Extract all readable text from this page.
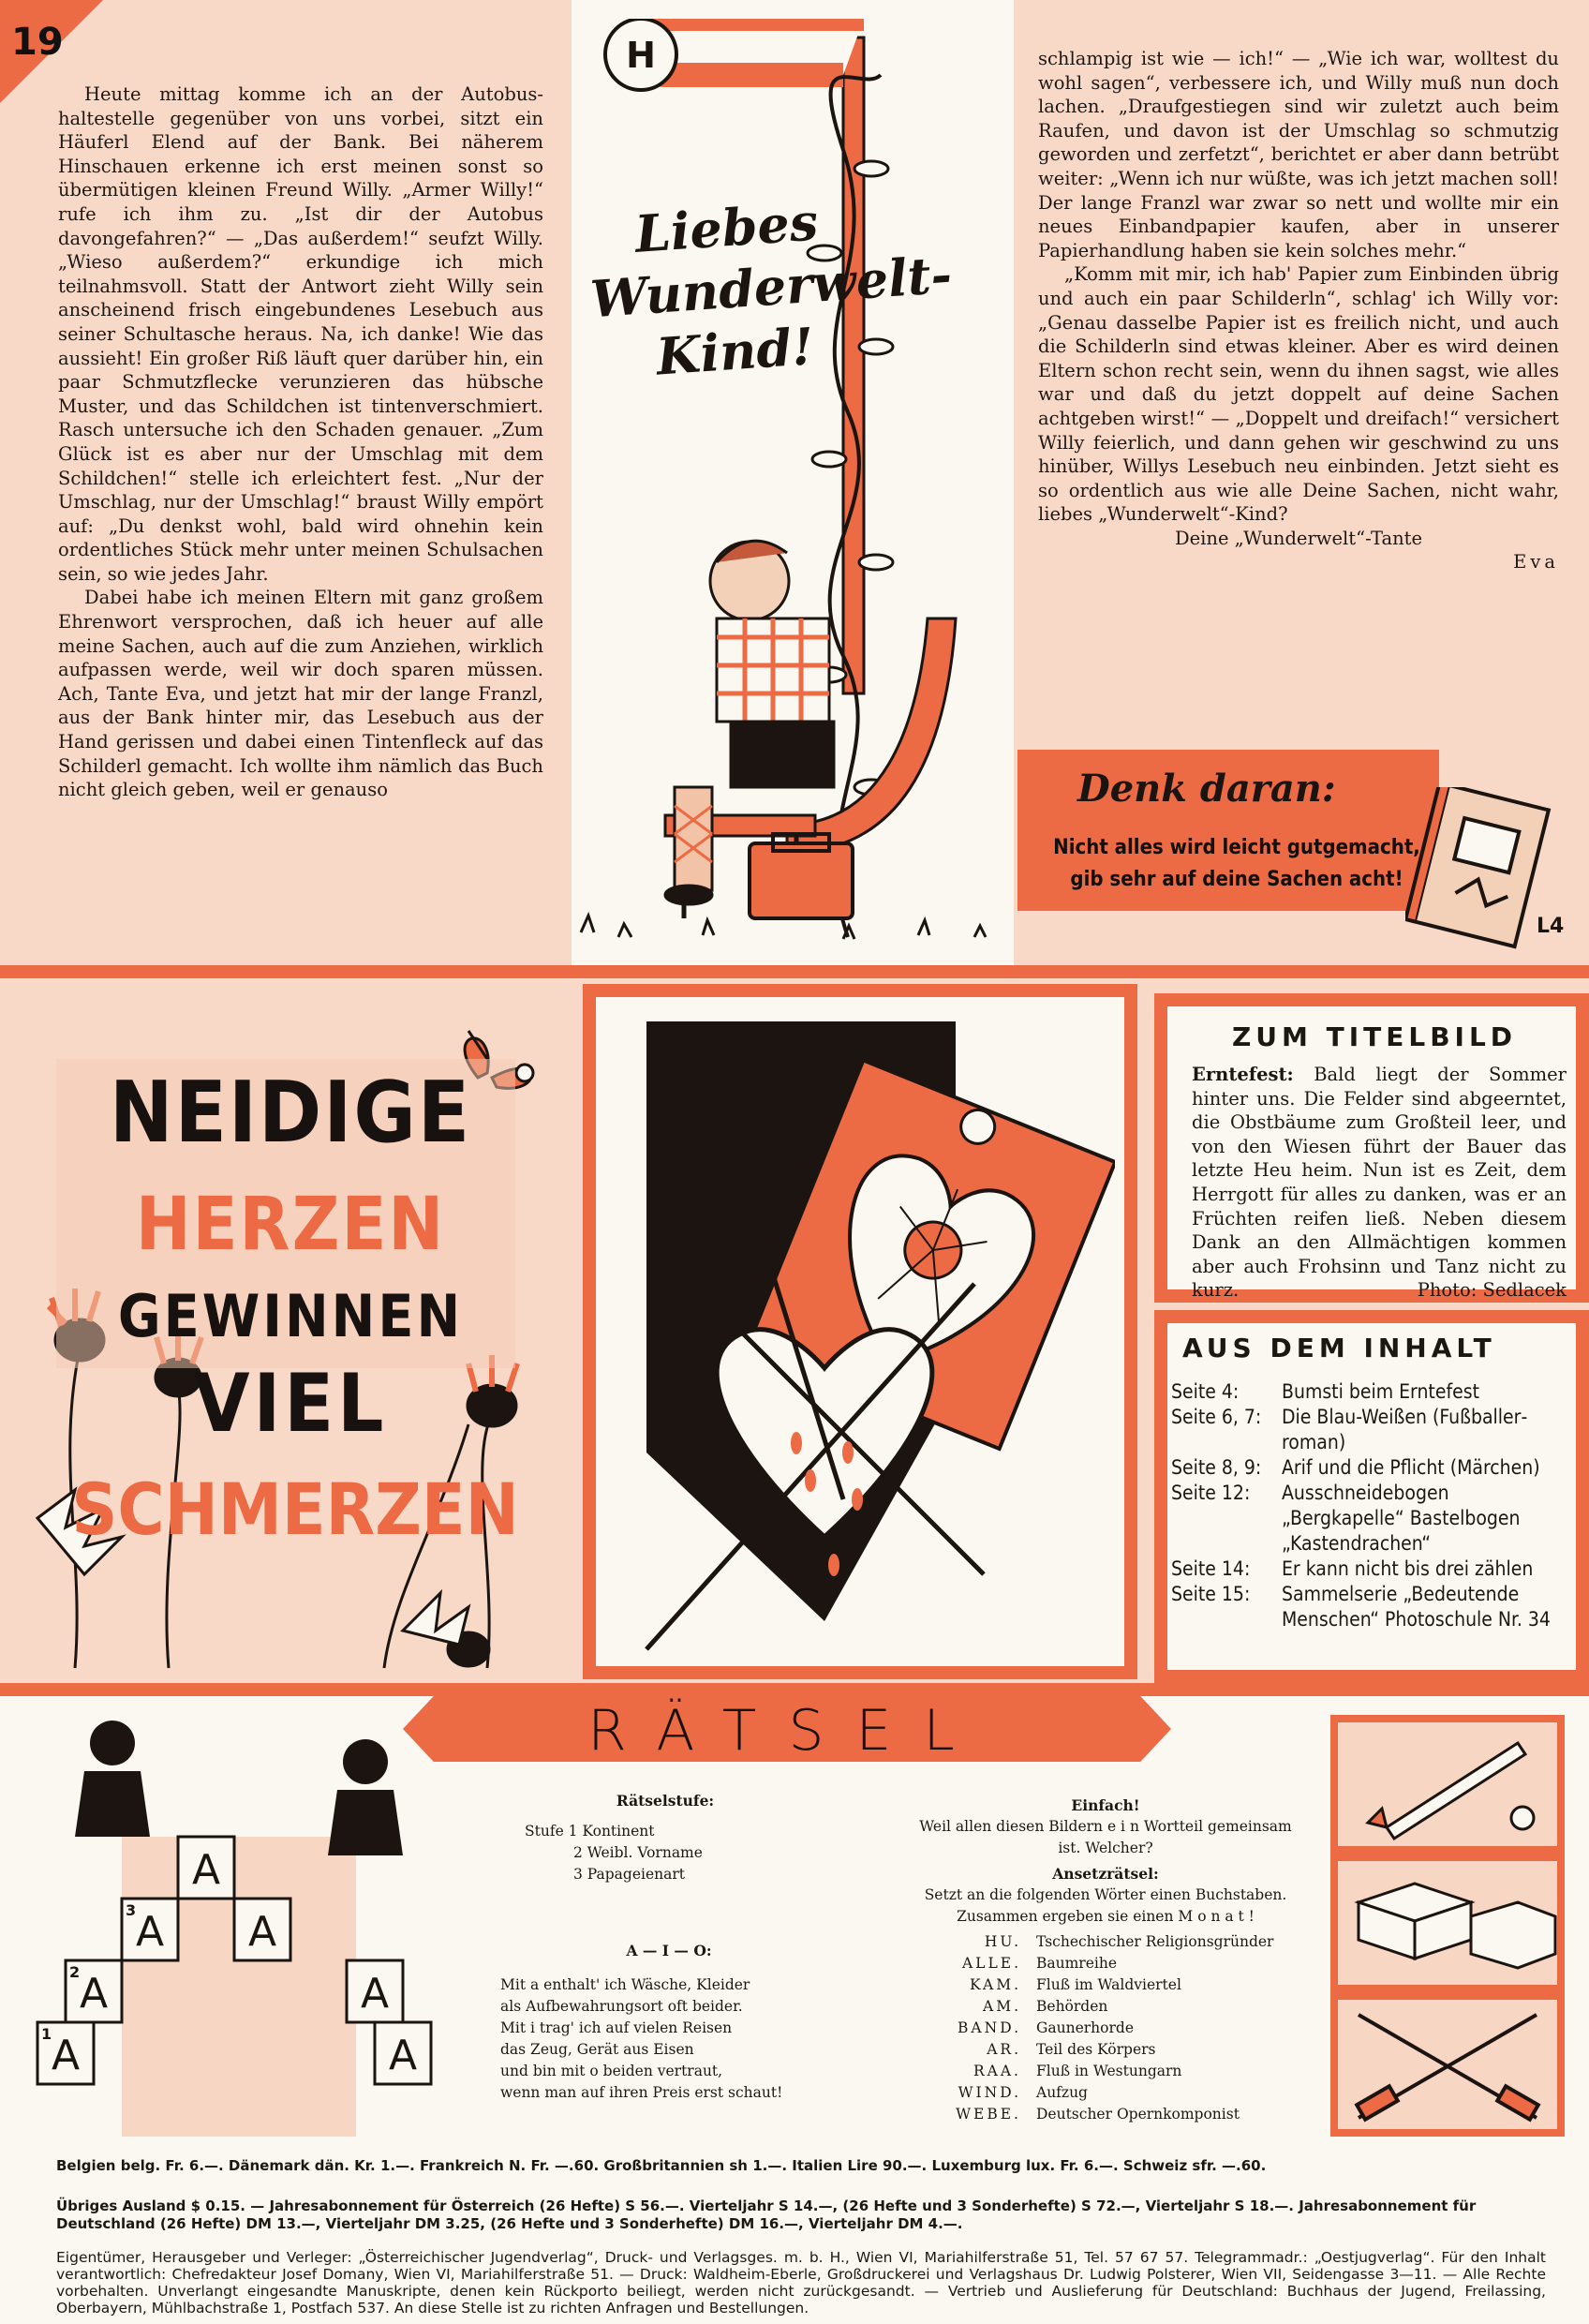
19

Heute mittag komme ich an der Autobushaltestelle gegenüber von uns vorbei, sitzt ein Häuferl Elend auf der Bank. Bei näherem Hinschauen erkenne ich erst meinen sonst so übermütigen kleinen Freund Willy. „Armer Willy!“ rufe ich ihm zu. „Ist dir der Autobus davongefahren?“ — „Das außerdem!“ seufzt Willy. „Wieso außerdem?“ erkundige ich mich teilnahmsvoll. Statt der Antwort zieht Willy sein anscheinend frisch eingebundenes Lesebuch aus seiner Schultasche heraus. Na, ich danke! Wie das aussieht! Ein großer Riß läuft quer darüber hin, ein paar Schmutzflecke verunzieren das hübsche Muster, und das Schildchen ist tintenverschmiert. Rasch untersuche ich den Schaden genauer. „Zum Glück ist es aber nur der Umschlag mit dem Schildchen!“ stelle ich erleichtert fest. „Nur der Umschlag, nur der Umschlag!“ braust Willy empört auf: „Du denkst wohl, bald wird ohnehin kein ordentliches Stück mehr unter meinen Schulsachen sein, so wie jedes Jahr.

Dabei habe ich meinen Eltern mit ganz großem Ehrenwort versprochen, daß ich heuer auf alle meine Sachen, auch auf die zum Anziehen, wirklich aufpassen werde, weil wir doch sparen müssen. Ach, Tante Eva, und jetzt hat mir der lange Franzl, aus der Bank hinter mir, das Lesebuch aus der Hand gerissen und dabei einen Tintenfleck auf das Schilderl gemacht. Ich wollte ihm nämlich das Buch nicht gleich geben, weil er genauso

schlampig ist wie — ich!“ — „Wie ich war, wolltest du wohl sagen“, verbessere ich, und Willy muß nun doch lachen. „Draufgestiegen sind wir zuletzt auch beim Raufen, und davon ist der Umschlag so schmutzig geworden und zerfetzt“, berichtet er aber dann betrübt weiter: „Wenn ich nur wüßte, was ich jetzt machen soll! Der lange Franzl war zwar so nett und wollte mir ein neues Einbandpapier kaufen, aber in unserer Papierhandlung haben sie kein solches mehr.“

„Komm mit mir, ich hab' Papier zum Einbinden übrig und auch ein paar Schilderln“, schlag' ich Willy vor: „Genau dasselbe Papier ist es freilich nicht, und auch die Schilderln sind etwas kleiner. Aber es wird deinen Eltern schon recht sein, wenn du ihnen sagst, wie alles war und daß du jetzt doppelt auf deine Sachen achtgeben wirst!“ — „Doppelt und dreifach!“ versichert Willy feierlich, und dann gehen wir geschwind zu uns hinüber, Willys Lesebuch neu einbinden. Jetzt sieht es so ordentlich aus wie alle Deine Sachen, nicht wahr, liebes „Wunderwelt“-Kind?

Deine „Wunderwelt“-Tante

Eva

H
Liebes
Wunderwelt-
Kind!
Denk daran:
Nicht alles wird leicht gutgemacht,
gib sehr auf deine Sachen acht!
L4
NEIDIGE
HERZEN
GEWINNEN
VIEL
SCHMERZEN
ZUM TITELBILD
Erntefest: Bald liegt der Sommer hinter uns. Die Felder sind abgeerntet, die Obstbäume zum Großteil leer, und von den Wiesen führt der Bauer das letzte Heu heim. Nun ist es Zeit, dem Herrgott für alles zu danken, was er an Früchten reifen ließ. Neben diesem Dank an den Allmächtigen kommen aber auch Frohsinn und Tanz nicht zu kurz.	Photo: Sedlacek
AUS DEM INHALT
Seite 4:	Bumsti beim Erntefest
Seite 6, 7:	Die Blau-Weißen (Fußballerroman)
Seite 8, 9:	Arif und die Pflicht (Märchen)
Seite 12:	Ausschneidebogen „Bergkapelle“ Bastelbogen „Kastendrachen“
Seite 14:	Er kann nicht bis drei zählen
Seite 15:	Sammelserie „Bedeutende Menschen“ Photoschule Nr. 34
RÄTSEL
A
A A
A	A
A	A
1
2
3
Rätselstufe:
Stufe 1 Kontinent
2 Weibl. Vorname
3 Papageienart
A — I — O:
Mit a enthalt' ich Wäsche, Kleider
als Aufbewahrungsort oft beider.
Mit i trag' ich auf vielen Reisen
das Zeug, Gerät aus Eisen
und bin mit o beiden vertraut,
wenn man auf ihren Preis erst schaut!
Einfach!
Weil allen diesen Bildern e i n Wortteil gemeinsam ist. Welcher?
Ansetzrätsel:
Setzt an die folgenden Wörter einen Buchstaben. Zusammen ergeben sie einen M o n a t !
HU.	Tschechischer Religionsgründer
ALLE.	Baumreihe
KAM.	Fluß im Waldviertel
AM.	Behörden
BAND.	Gaunerhorde
AR.	Teil des Körpers
RAA.	Fluß in Westungarn
WIND.	Aufzug
WEBE.	Deutscher Opernkomponist
Belgien belg. Fr. 6.—. Dänemark dän. Kr. 1.—. Frankreich N. Fr. —.60. Großbritannien sh 1.—. Italien Lire 90.—. Luxemburg lux. Fr. 6.—. Schweiz sfr. —.60.
Übriges Ausland $ 0.15. — Jahresabonnement für Österreich (26 Hefte) S 56.—. Vierteljahr S 14.—, (26 Hefte und 3 Sonderhefte) S 72.—, Vierteljahr S 18.—. Jahresabonnement für Deutschland (26 Hefte) DM 13.—, Vierteljahr DM 3.25, (26 Hefte und 3 Sonderhefte) DM 16.—, Vierteljahr DM 4.—.
Eigentümer, Herausgeber und Verleger: „Österreichischer Jugendverlag“, Druck- und Verlagsges. m. b. H., Wien VI, Mariahilferstraße 51, Tel. 57 67 57. Telegrammadr.: „Oestjugverlag“. Für den Inhalt verantwortlich: Chefredakteur Josef Domany, Wien VI, Mariahilferstraße 51. — Druck: Waldheim-Eberle, Großdruckerei und Verlagshaus Dr. Ludwig Polsterer, Wien VII, Seidengasse 3—11. — Alle Rechte vorbehalten. Unverlangt eingesandte Manuskripte, denen kein Rückporto beiliegt, werden nicht zurückgesandt. — Vertrieb und Auslieferung für Deutschland: Buchhaus der Jugend, Freilassing, Oberbayern, Mühlbachstraße 1, Postfach 537. An diese Stelle ist zu richten Anfragen und Bestellungen.
